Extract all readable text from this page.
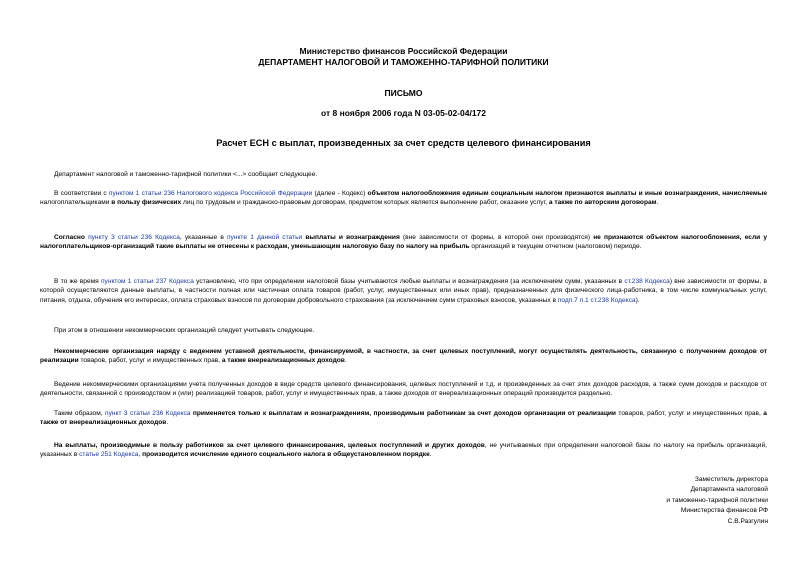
Министерство финансов Российской Федерации
ДЕПАРТАМЕНТ НАЛОГОВОЙ И ТАМОЖЕННО-ТАРИФНОЙ ПОЛИТИКИ
ПИСЬМО
от 8 ноября 2006 года N 03-05-02-04/172
Расчет ЕСН с выплат, произведенных за счет средств целевого финансирования
Департамент налоговой и таможенно-тарифной политики <...> сообщает следующее.
В соответствии с пунктом 1 статьи 236 Налогового кодекса Российской Федерации (далее - Кодекс) объектом налогообложения единым социальным налогом признаются выплаты и иные вознаграждения, начисляемые налогоплательщиками в пользу физических лиц по трудовым и гражданско-правовым договорам, предметом которых является выполнение работ, оказание услуг, а также по авторским договорам.
Согласно пункту 3 статьи 236 Кодекса, указанные в пункте 1 данной статьи выплаты и вознаграждения (вне зависимости от формы, в которой они производятся) не признаются объектом налогообложения, если у налогоплательщиков-организаций такие выплаты не отнесены к расходам, уменьшающим налоговую базу по налогу на прибыль организаций в текущем отчетном (налоговом) периоде.
В то же время пунктом 1 статьи 237 Кодекса установлено, что при определении налоговой базы учитываются любые выплаты и вознаграждения (за исключением сумм, указанных в ст.238 Кодекса) вне зависимости от формы, в которой осуществляются данные выплаты, в частности полная или частичная оплата товаров (работ, услуг, имущественных или иных прав), предназначенных для физического лица-работника, в том числе коммунальных услуг, питания, отдыха, обучения его интересах, оплата страховых взносов по договорам добровольного страхования (за исключением сумм страховых взносов, указанных в подп.7 п.1 ст.238 Кодекса).
При этом в отношении некоммерческих организаций следует учитывать следующее.
Некоммерческие организация наряду с ведением уставной деятельности, финансируемой, в частности, за счет целевых поступлений, могут осуществлять деятельность, связанную с получением доходов от реализации товаров, работ, услуг и имущественных прав, а также внереализационных доходов.
Ведение некоммерческими организациями учета полученных доходов в виде средств целевого финансирования, целевых поступлений и т.д. и произведенных за счет этих доходов расходов, а также сумм доходов и расходов от деятельности, связанной с производством и (или) реализацией товаров, работ, услуг и имущественных прав, а также доходов от внереализационных операций производится раздельно.
Таким образом, пункт 3 статьи 236 Кодекса применяется только к выплатам и вознаграждениям, производимым работникам за счет доходов организации от реализации товаров, работ, услуг и имущественных прав, а также от внереализационных доходов.
На выплаты, производимые в пользу работников за счет целевого финансирования, целевых поступлений и других доходов, не учитываемых при определении налоговой базы по налогу на прибыль организаций, указанных в статье 251 Кодекса, производится исчисление единого социального налога в общеустановленном порядке.
Заместитель директора
Департамента налоговой
и таможенно-тарифной политики
Министерства финансов РФ
С.В.Разгулин
